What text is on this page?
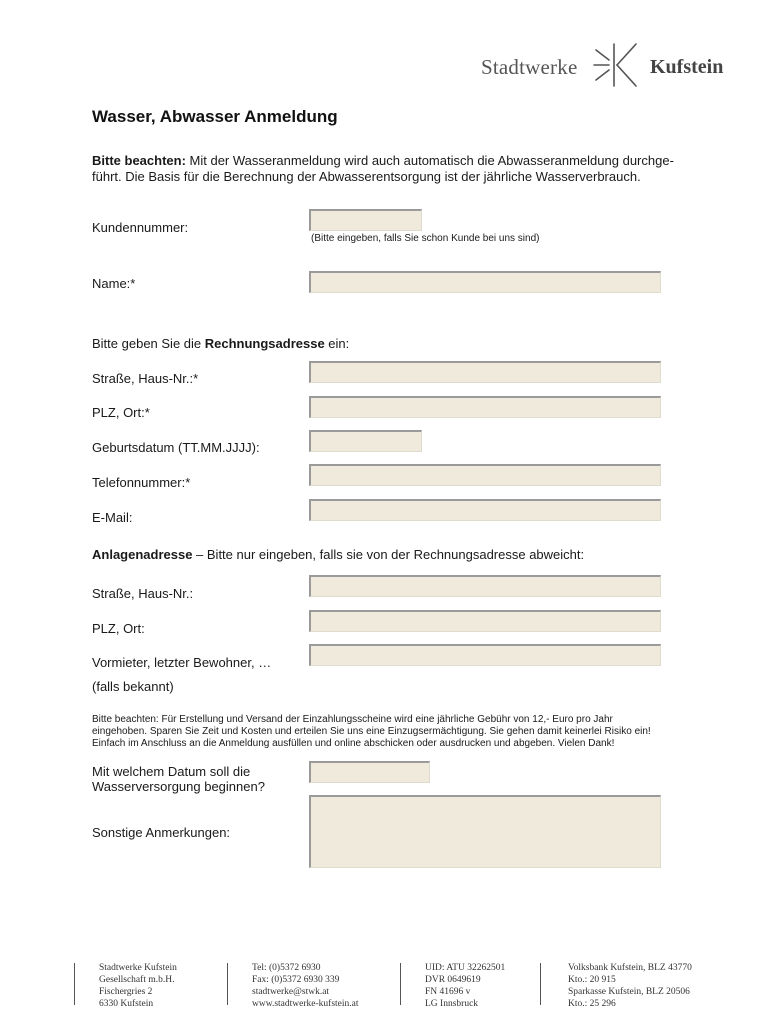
Stadtwerke	Kufstein
Wasser, Abwasser Anmeldung
Bitte beachten: Mit der Wasseranmeldung wird auch automatisch die Abwasseranmeldung durchge-
führt. Die Basis für die Berechnung der Abwasserentsorgung ist der jährliche Wasserverbrauch.
Kundennummer:
(Bitte eingeben, falls Sie schon Kunde bei uns sind)
Name:*
Bitte geben Sie die Rechnungsadresse ein:
Straße, Haus-Nr.:*
PLZ, Ort:*
Geburtsdatum (TT.MM.JJJJ):
Telefonnummer:*
E-Mail:
Anlagenadresse – Bitte nur eingeben, falls sie von der Rechnungsadresse abweicht:
Straße, Haus-Nr.:
PLZ, Ort:
Vormieter, letzter Bewohner, …
(falls bekannt)
Bitte beachten: Für Erstellung und Versand der Einzahlungsscheine wird eine jährliche Gebühr von 12,- Euro pro Jahr
eingehoben. Sparen Sie Zeit und Kosten und erteilen Sie uns eine Einzugsermächtigung. Sie gehen damit keinerlei Risiko ein!
Einfach im Anschluss an die Anmeldung ausfüllen und online abschicken oder ausdrucken und abgeben. Vielen Dank!
Mit welchem Datum soll die
Wasserversorgung beginnen?
Sonstige Anmerkungen:
Stadtwerke Kufstein
Gesellschaft m.b.H.
Fischergries 2
6330 Kufstein
Tel: (0)5372 6930
Fax: (0)5372 6930 339
stadtwerke@stwk.at
www.stadtwerke-kufstein.at
UID: ATU 32262501
DVR 0649619
FN 41696 v
LG Innsbruck
Volksbank Kufstein, BLZ 43770
Kto.: 20 915
Sparkasse Kufstein, BLZ 20506
Kto.: 25 296
